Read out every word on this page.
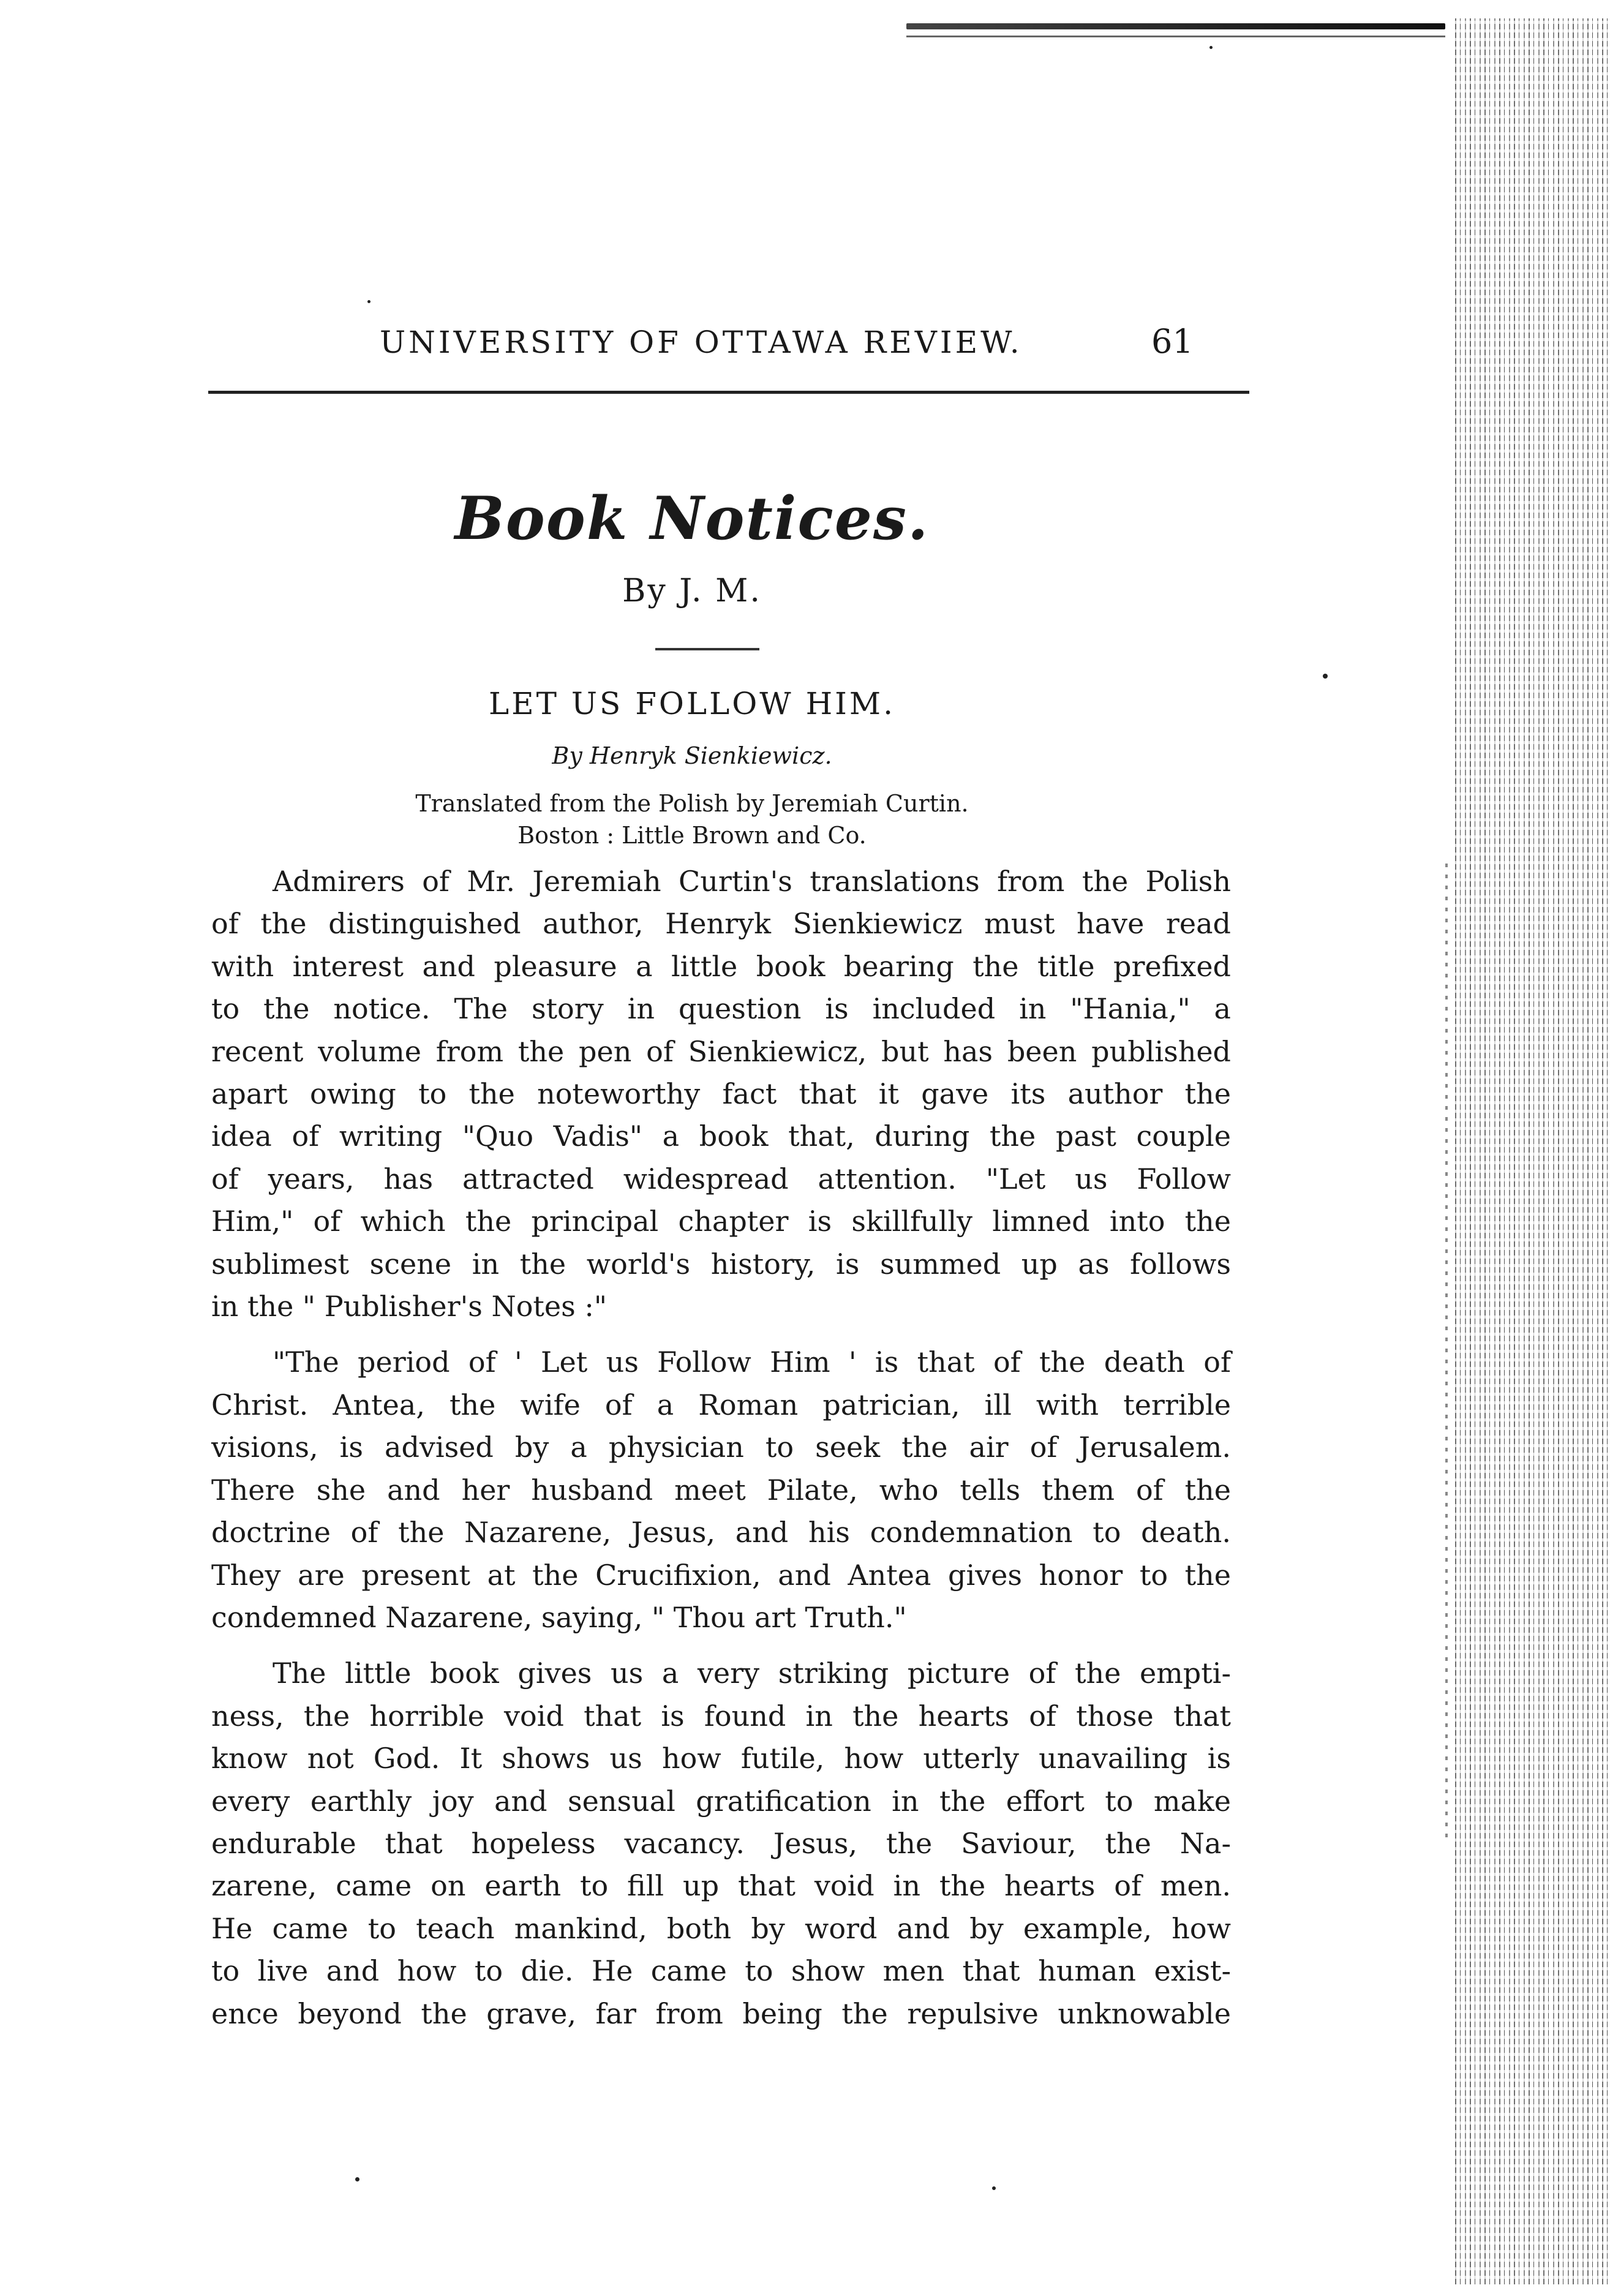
UNIVERSITY OF OTTAWA REVIEW.	61
Book Notices.
By J. M.
LET US FOLLOW HIM.
By Henryk Sienkiewicz.
Translated from the Polish by Jeremiah Curtin.
Boston : Little Brown and Co.

Admirers of Mr. Jeremiah Curtin's translations from the Polish
of the distinguished author, Henryk Sienkiewicz must have read
with interest and pleasure a little book bearing the title prefixed
to the notice. The story in question is included in "Hania," a
recent volume from the pen of Sienkiewicz, but has been published
apart owing to the noteworthy fact that it gave its author the
idea of writing "Quo Vadis" a book that, during the past couple
of years, has attracted widespread attention. "Let us Follow
Him," of which the principal chapter is skillfully limned into the
sublimest scene in the world's history, is summed up as follows
in the " Publisher's Notes :"

"The period of ' Let us Follow Him ' is that of the death of
Christ. Antea, the wife of a Roman patrician, ill with terrible
visions, is advised by a physician to seek the air of Jerusalem.
There she and her husband meet Pilate, who tells them of the
doctrine of the Nazarene, Jesus, and his condemnation to death.
They are present at the Crucifixion, and Antea gives honor to the
condemned Nazarene, saying, " Thou art Truth."

The little book gives us a very striking picture of the empti-
ness, the horrible void that is found in the hearts of those that
know not God. It shows us how futile, how utterly unavailing is
every earthly joy and sensual gratification in the effort to make
endurable that hopeless vacancy. Jesus, the Saviour, the Na-
zarene, came on earth to fill up that void in the hearts of men.
He came to teach mankind, both by word and by example, how
to live and how to die. He came to show men that human exist-
ence beyond the grave, far from being the repulsive unknowable
